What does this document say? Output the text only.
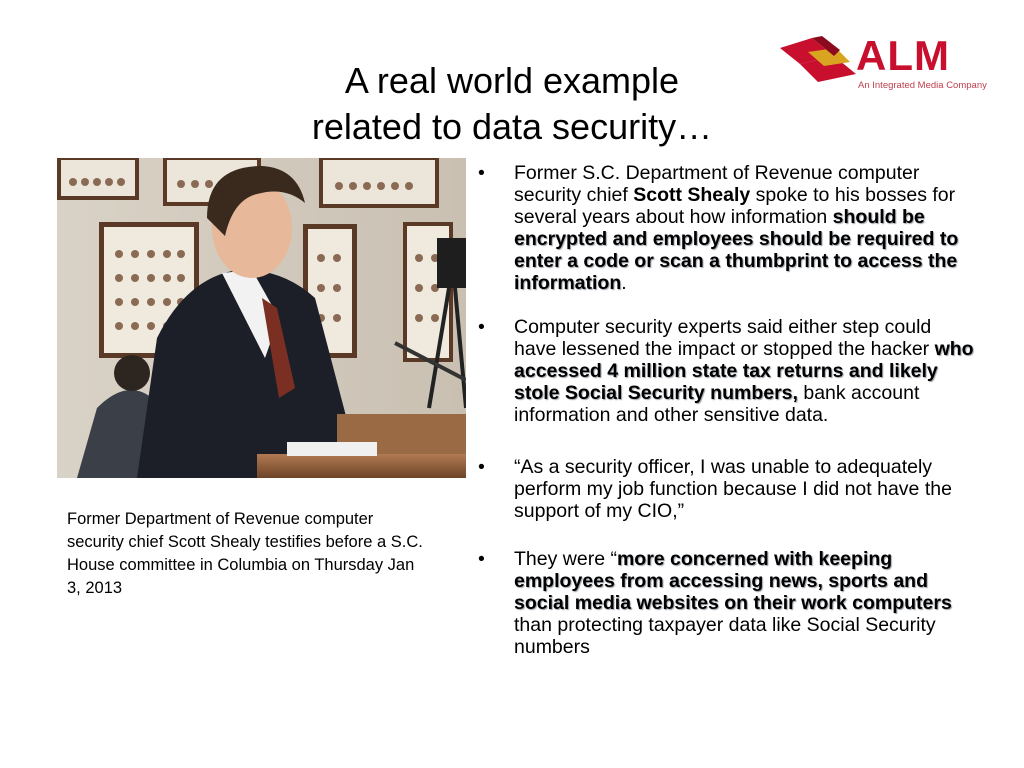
A real world example
related to data security…
ALM
An Integrated Media Company
Former Department of Revenue computer security chief Scott Shealy testifies before a S.C. House committee in Columbia on Thursday Jan 3, 2013
• Former S.C. Department of Revenue computer security chief Scott Shealy spoke to his bosses for several years about how information should be encrypted and employees should be required to enter a code or scan a thumbprint to access the information.
• Computer security experts said either step could have lessened the impact or stopped the hacker who accessed 4 million state tax returns and likely stole Social Security numbers, bank account information and other sensitive data.
• “As a security officer, I was unable to adequately perform my job function because I did not have the support of my CIO,”
• They were “more concerned with keeping employees from accessing news, sports and social media websites on their work computers than protecting taxpayer data like Social Security numbers
